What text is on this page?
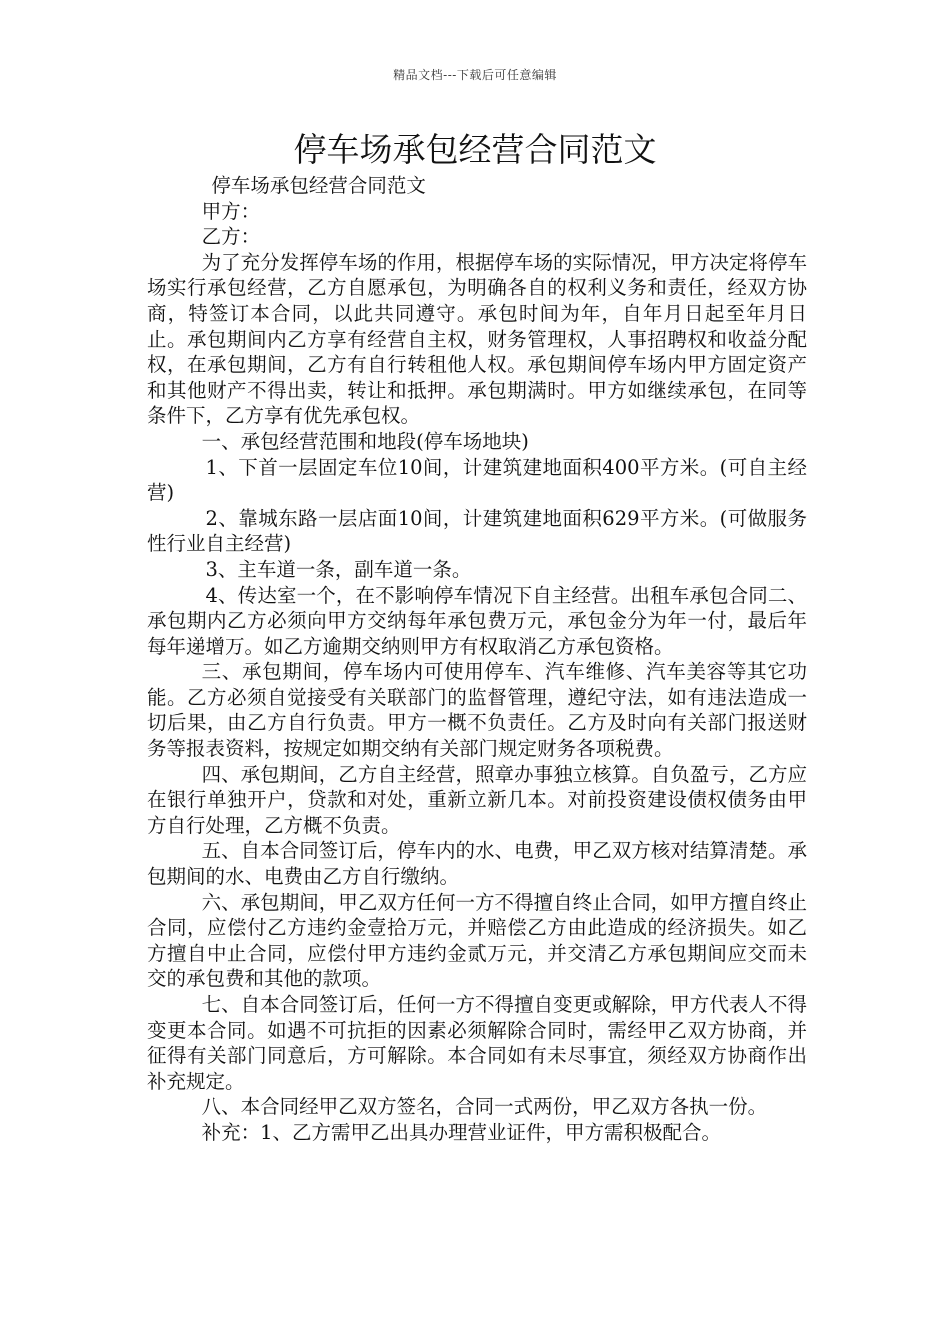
精品文档---下载后可任意编辑
停车场承包经营合同范文

停车场承包经营合同范文

甲方：

乙方：

为了充分发挥停车场的作用，根据停车场的实际情况，甲方决定将停车场实行承包经营，乙方自愿承包，为明确各自的权利义务和责任，经双方协商，特签订本合同，以此共同遵守。承包时间为年，自年月日起至年月日止。承包期间内乙方享有经营自主权，财务管理权，人事招聘权和收益分配权，在承包期间，乙方有自行转租他人权。承包期间停车场内甲方固定资产和其他财产不得出卖，转让和抵押。承包期满时。甲方如继续承包，在同等条件下，乙方享有优先承包权。

一、承包经营范围和地段(停车场地块)

1、下首一层固定车位10间，计建筑建地面积400平方米。(可自主经营)

2、靠城东路一层店面10间，计建筑建地面积629平方米。(可做服务性行业自主经营)

3、主车道一条，副车道一条。

4、传达室一个，在不影响停车情况下自主经营。出租车承包合同二、承包期内乙方必须向甲方交纳每年承包费万元，承包金分为年一付，最后年每年递增万。如乙方逾期交纳则甲方有权取消乙方承包资格。

三、承包期间，停车场内可使用停车、汽车维修、汽车美容等其它功能。乙方必须自觉接受有关联部门的监督管理，遵纪守法，如有违法造成一切后果，由乙方自行负责。甲方一概不负责任。乙方及时向有关部门报送财务等报表资料，按规定如期交纳有关部门规定财务各项税费。

四、承包期间，乙方自主经营，照章办事独立核算。自负盈亏，乙方应在银行单独开户，贷款和对处，重新立新几本。对前投资建设债权债务由甲方自行处理，乙方概不负责。

五、自本合同签订后，停车内的水、电费，甲乙双方核对结算清楚。承包期间的水、电费由乙方自行缴纳。

六、承包期间，甲乙双方任何一方不得擅自终止合同，如甲方擅自终止合同，应偿付乙方违约金壹拾万元，并赔偿乙方由此造成的经济损失。如乙方擅自中止合同，应偿付甲方违约金贰万元，并交清乙方承包期间应交而未交的承包费和其他的款项。

七、自本合同签订后，任何一方不得擅自变更或解除，甲方代表人不得变更本合同。如遇不可抗拒的因素必须解除合同时，需经甲乙双方协商，并征得有关部门同意后，方可解除。本合同如有未尽事宜，须经双方协商作出补充规定。

八、本合同经甲乙双方签名，合同一式两份，甲乙双方各执一份。

补充：1、乙方需甲乙出具办理营业证件，甲方需积极配合。
